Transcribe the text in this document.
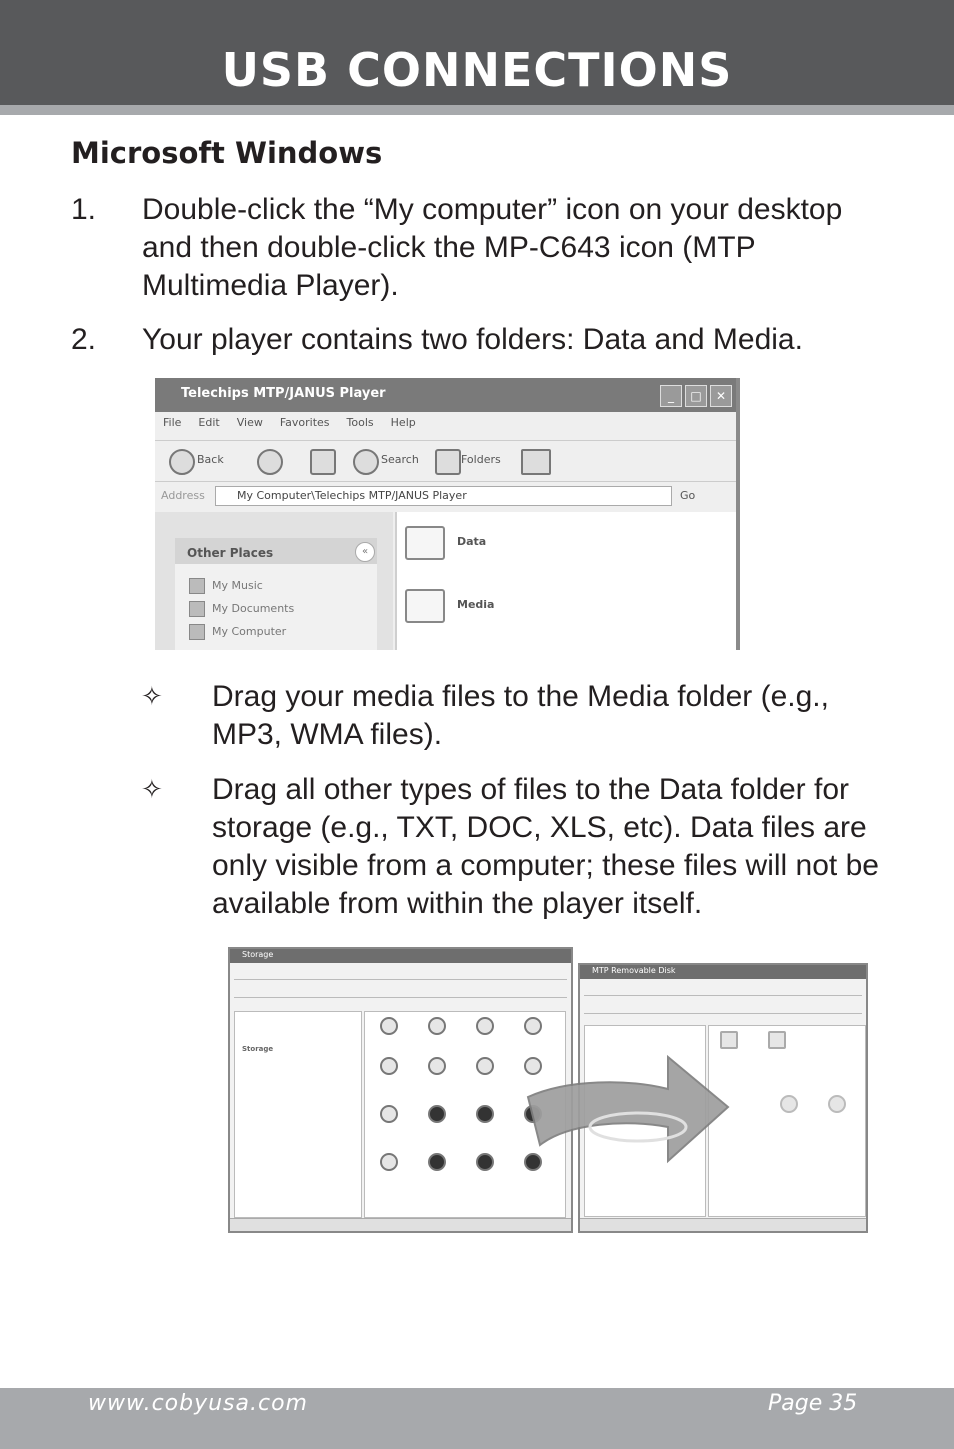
USB CONNECTIONS
Microsoft Windows
1. Double-click the “My computer” icon on your desktop and then double-click the MP-C643 icon (MTP Multimedia Player).
2. Your player contains two folders: Data and Media.
Telechips MTP/JANUS Player	_	□	✕
File Edit View Favorites Tools Help
Back	Search	Folders
Address	My Computer\Telechips MTP/JANUS Player	Go
Other Places	«
My Music
My Documents
My Computer
Data
Media
✧ Drag your media files to the Media folder (e.g., MP3, WMA files).
✧ Drag all other types of files to the Data folder for storage (e.g., TXT, DOC, XLS, etc). Data files are only visible from a computer; these files will not be available from within the player itself.
Storage
Storage
MTP Removable Disk
www.cobyusa.com	Page 35
